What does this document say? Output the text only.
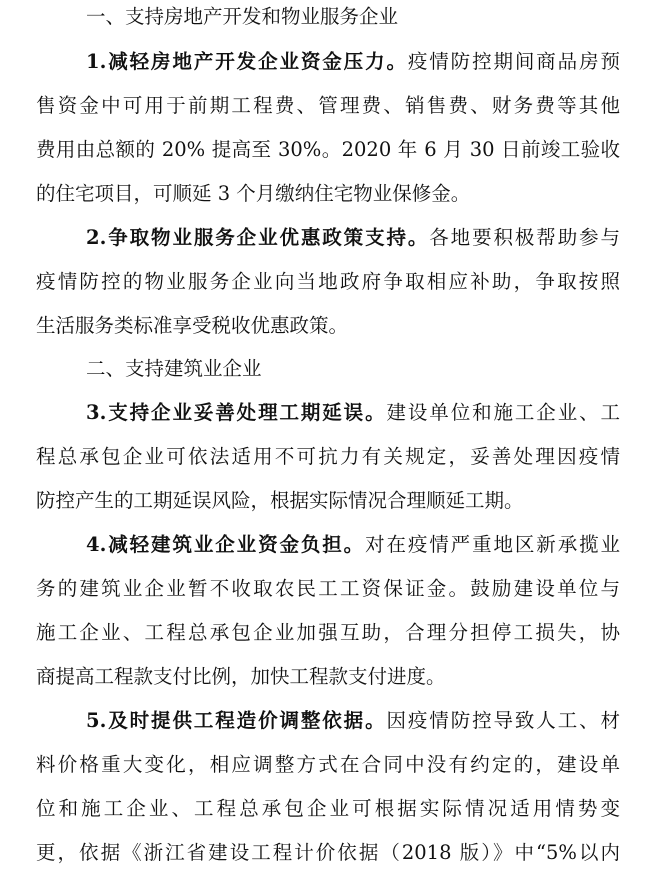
一、支持房地产开发和物业服务企业
1.减轻房地产开发企业资金压力。疫情防控期间商品房预
售资金中可用于前期工程费、管理费、销售费、财务费等其他
费用由总额的 20% 提高至 30%。2020 年 6 月 30 日前竣工验收
的住宅项目，可顺延 3 个月缴纳住宅物业保修金。
2.争取物业服务企业优惠政策支持。各地要积极帮助参与
疫情防控的物业服务企业向当地政府争取相应补助，争取按照
生活服务类标准享受税收优惠政策。
二、支持建筑业企业
3.支持企业妥善处理工期延误。建设单位和施工企业、工
程总承包企业可依法适用不可抗力有关规定，妥善处理因疫情
防控产生的工期延误风险，根据实际情况合理顺延工期。
4.减轻建筑业企业资金负担。对在疫情严重地区新承揽业
务的建筑业企业暂不收取农民工工资保证金。鼓励建设单位与
施工企业、工程总承包企业加强互助，合理分担停工损失，协
商提高工程款支付比例，加快工程款支付进度。
5.及时提供工程造价调整依据。因疫情防控导致人工、材
料价格重大变化，相应调整方式在合同中没有约定的，建设单
位和施工企业、工程总承包企业可根据实际情况适用情势变
更，依据《浙江省建设工程计价依据（2018 版）》中“5%以内
